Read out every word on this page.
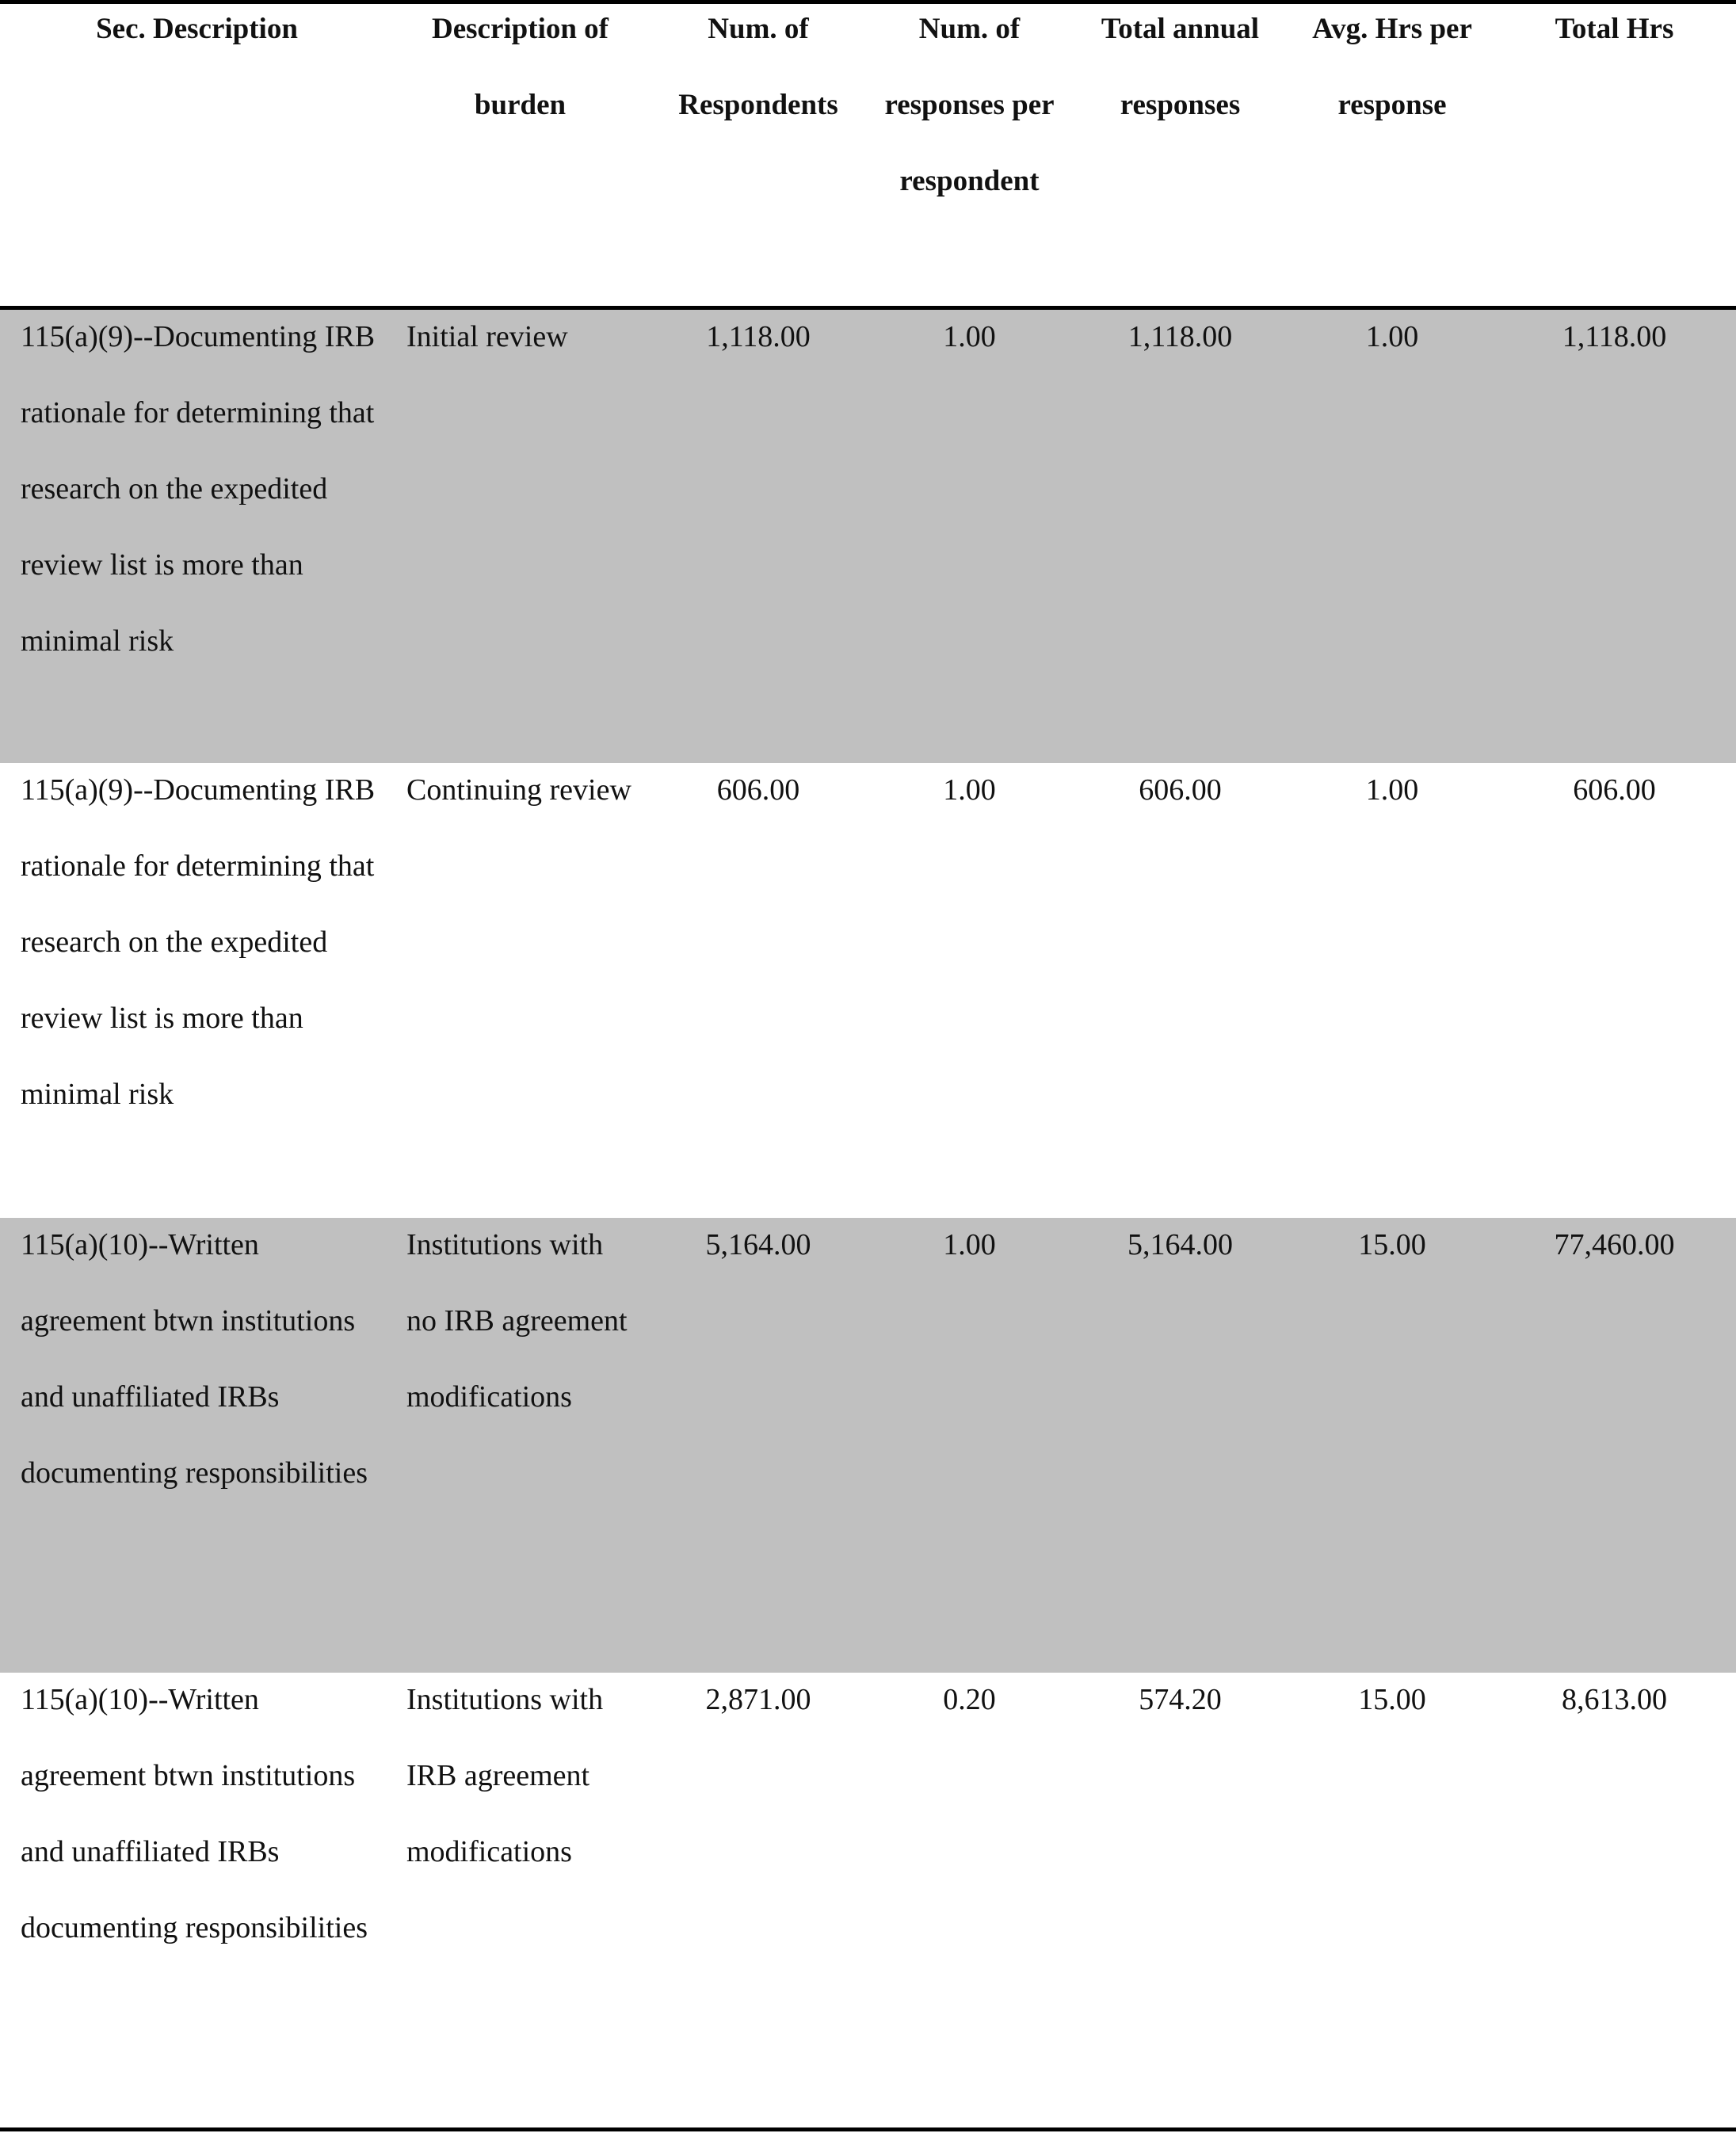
Sec. Description	Description of burden	Num. of Respondents	Num. of responses per respondent	Total annual responses	Avg. Hrs per response	Total Hrs

115(a)(9)--Documenting IRB rationale for determining that research on the expedited review list is more than minimal risk	Initial review	1,118.00	1.00	1,118.00	1.00	1,118.00

115(a)(9)--Documenting IRB rationale for determining that research on the expedited review list is more than minimal risk	Continuing review	606.00	1.00	606.00	1.00	606.00

115(a)(10)--Written agreement btwn institutions and unaffiliated IRBs documenting responsibilities	Institutions with no IRB agreement modifications	5,164.00	1.00	5,164.00	15.00	77,460.00

115(a)(10)--Written agreement btwn institutions and unaffiliated IRBs documenting responsibilities	Institutions with IRB agreement modifications	2,871.00	0.20	574.20	15.00	8,613.00
